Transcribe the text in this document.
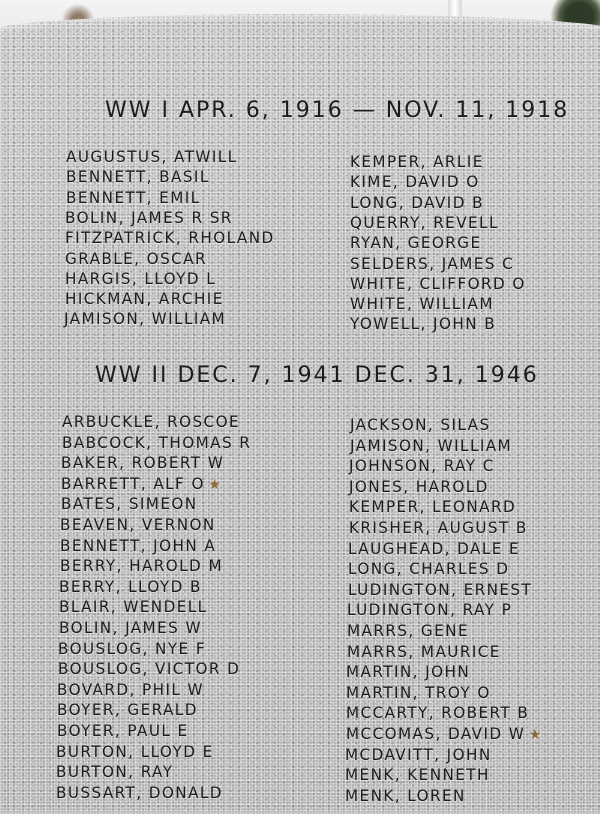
WW I APR. 6, 1916 — NOV. 11, 1918
AUGUSTUS, ATWILL
BENNETT, BASIL
BENNETT, EMIL
BOLIN, JAMES R SR
FITZPATRICK, RHOLAND
GRABLE, OSCAR
HARGIS, LLOYD L
HICKMAN, ARCHIE
JAMISON, WILLIAM
KEMPER, ARLIE
KIME, DAVID O
LONG, DAVID B
QUERRY, REVELL
RYAN, GEORGE
SELDERS, JAMES C
WHITE, CLIFFORD O
WHITE, WILLIAM
YOWELL, JOHN B
WW II DEC. 7, 1941 DEC. 31, 1946
ARBUCKLE, ROSCOE
BABCOCK, THOMAS R
BAKER, ROBERT W
BARRETT, ALF O ★
BATES, SIMEON
BEAVEN, VERNON
BENNETT, JOHN A
BERRY, HAROLD M
BERRY, LLOYD B
BLAIR, WENDELL
BOLIN, JAMES W
BOUSLOG, NYE F
BOUSLOG, VICTOR D
BOVARD, PHIL W
BOYER, GERALD
BOYER, PAUL E
BURTON, LLOYD E
BURTON, RAY
BUSSART, DONALD
JACKSON, SILAS
JAMISON, WILLIAM
JOHNSON, RAY C
JONES, HAROLD
KEMPER, LEONARD
KRISHER, AUGUST B
LAUGHEAD, DALE E
LONG, CHARLES D
LUDINGTON, ERNEST
LUDINGTON, RAY P
MARRS, GENE
MARRS, MAURICE
MARTIN, JOHN
MARTIN, TROY O
MCCARTY, ROBERT B
MCCOMAS, DAVID W ★
MCDAVITT, JOHN
MENK, KENNETH
MENK, LOREN
